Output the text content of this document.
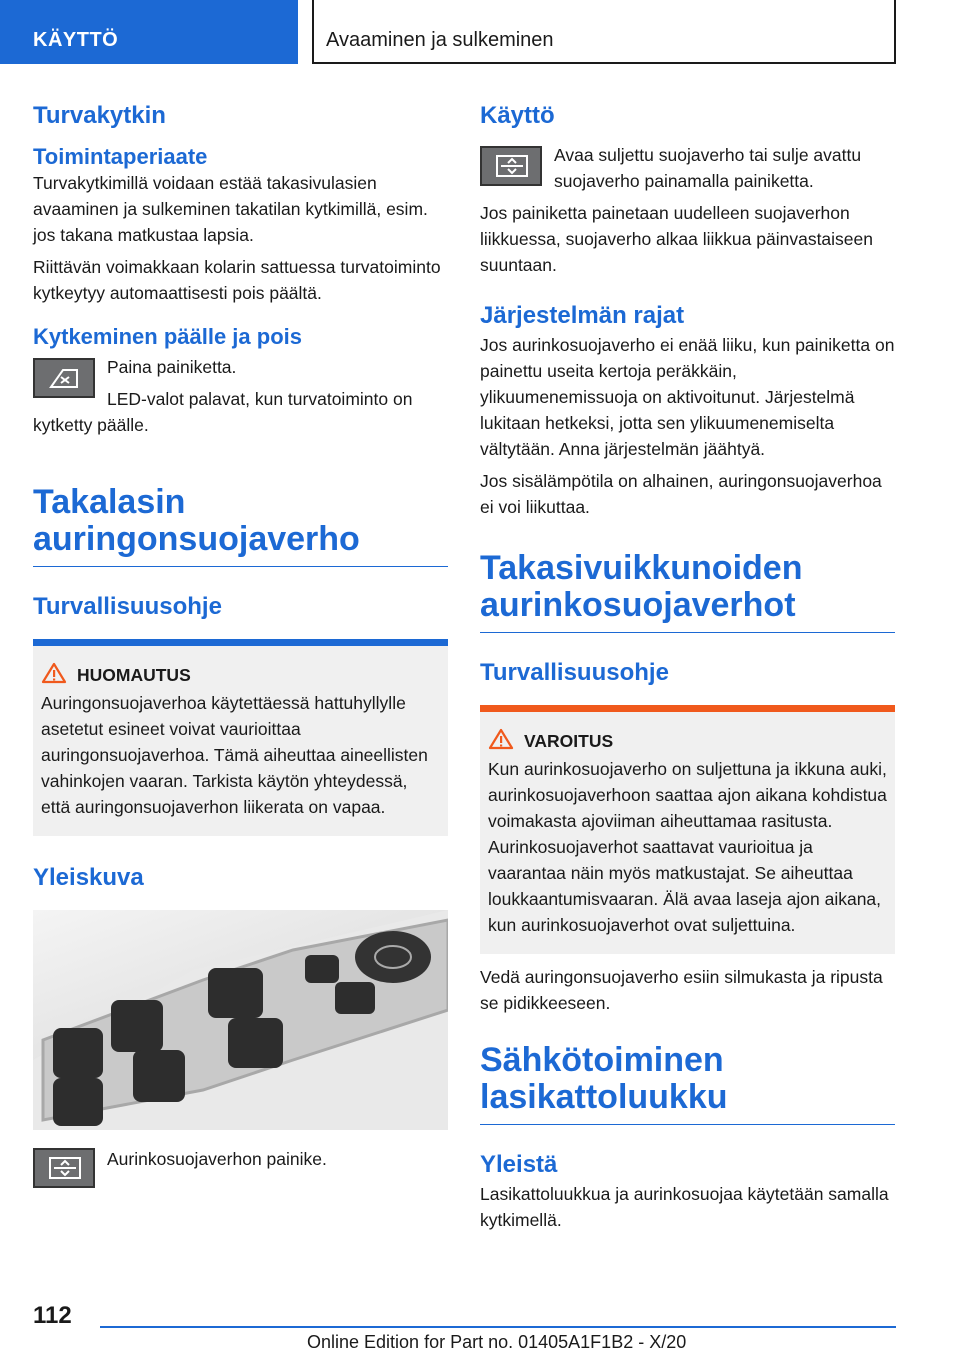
KÄYTTÖ	Avaaminen ja sulkeminen
Turvakytkin
Toimintaperiaate

Turvakytkimillä voidaan estää takasivulasien avaaminen ja sulkeminen takatilan kytkimillä, esim. jos takana matkustaa lapsia.

Riittävän voimakkaan kolarin sattuessa turvatoiminto kytkeytyy automaattisesti pois päältä.

Kytkeminen päälle ja pois

Paina painiketta.

LED-valot palavat, kun turvatoiminto on kytketty päälle.

Takalasin auringonsuojaverho
Turvallisuusohje
HUOMAUTUS
Auringonsuojaverhoa käytettäessä hattuhyllylle asetetut esineet voivat vaurioittaa auringonsuojaverhoa. Tämä aiheuttaa aineellisten vahinkojen vaaran. Tarkista käytön yhteydessä, että auringonsuojaverhon liikerata on vapaa.
Yleiskuva

Aurinkosuojaverhon painike.

Käyttö

Avaa suljettu suojaverho tai sulje avattu suojaverho painamalla painiketta.

Jos painiketta painetaan uudelleen suojaverhon liikkuessa, suojaverho alkaa liikkua päinvastaiseen suuntaan.

Järjestelmän rajat

Jos aurinkosuojaverho ei enää liiku, kun painiketta on painettu useita kertoja peräkkäin, ylikuumenemissuoja on aktivoitunut. Järjestelmä lukitaan hetkeksi, jotta sen ylikuumenemiselta vältytään. Anna järjestelmän jäähtyä.

Jos sisälämpötila on alhainen, auringonsuojaverhoa ei voi liikuttaa.

Takasivuikkunoiden aurinkosuojaverhot
Turvallisuusohje
VAROITUS
Kun aurinkosuojaverho on suljettuna ja ikkuna auki, aurinkosuojaverhoon saattaa ajon aikana kohdistua voimakasta ajoviiman aiheuttamaa rasitusta. Aurinkosuojaverhot saattavat vaurioitua ja vaarantaa näin myös matkustajat. Se aiheuttaa loukkaantumisvaaran. Älä avaa laseja ajon aikana, kun aurinkosuojaverhot ovat suljettuina.

Vedä auringonsuojaverho esiin silmukasta ja ripusta se pidikkeeseen.

Sähkötoiminen lasikattoluukku
Yleistä

Lasikattoluukkua ja aurinkosuojaa käytetään samalla kytkimellä.

112
Online Edition for Part no. 01405A1F1B2 - X/20
